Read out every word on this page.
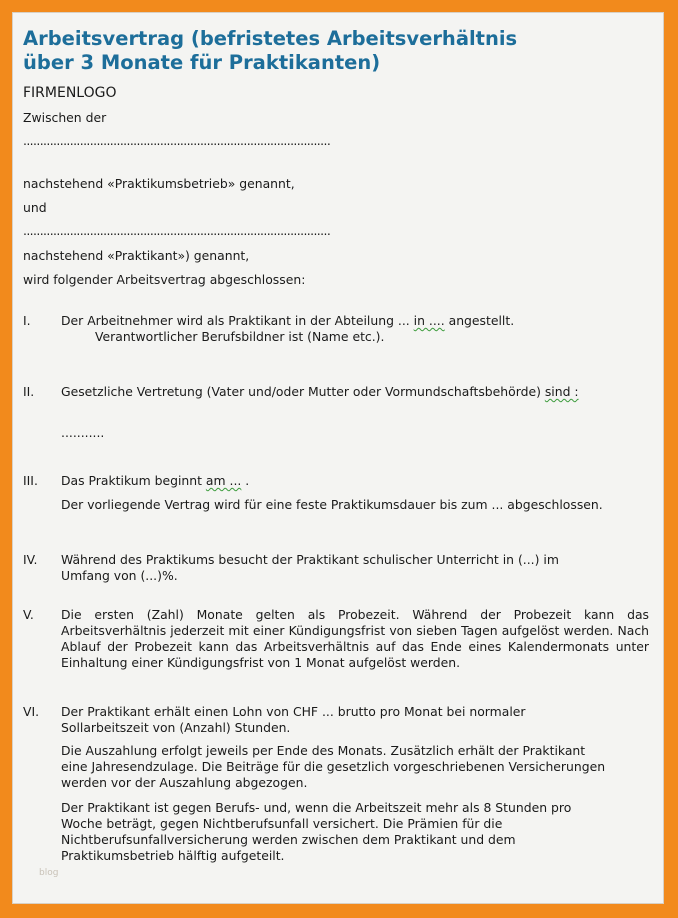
Arbeitsvertrag (befristetes Arbeitsverhältnis
über 3 Monate für Praktikanten)
FIRMENLOGO
Zwischen der
............................................................................................
nachstehend «Praktikumsbetrieb» genannt,
und
............................................................................................
nachstehend «Praktikant») genannt,
wird folgender Arbeitsvertrag abgeschlossen:
I. Der Arbeitnehmer wird als Praktikant in der Abteilung ... in .... angestellt.
Verantwortlicher Berufsbildner ist (Name etc.).
II. Gesetzliche Vertretung (Vater und/oder Mutter oder Vormundschaftsbehörde) sind :
...........
III. Das Praktikum beginnt am ... .
Der vorliegende Vertrag wird für eine feste Praktikumsdauer bis zum ... abgeschlossen.
IV. Während des Praktikums besucht der Praktikant schulischer Unterricht in (...) im
Umfang von (...)%.
V. Die ersten (Zahl) Monate gelten als Probezeit. Während der Probezeit kann das Arbeitsverhältnis jederzeit mit einer Kündigungsfrist von sieben Tagen aufgelöst werden. Nach Ablauf der Probezeit kann das Arbeitsverhältnis auf das Ende eines Kalendermonats unter Einhaltung einer Kündigungsfrist von 1 Monat aufgelöst werden.
VI. Der Praktikant erhält einen Lohn von CHF ... brutto pro Monat bei normaler
Sollarbeitszeit von (Anzahl) Stunden.
Die Auszahlung erfolgt jeweils per Ende des Monats. Zusätzlich erhält der Praktikant
eine Jahresendzulage. Die Beiträge für die gesetzlich vorgeschriebenen Versicherungen
werden vor der Auszahlung abgezogen.
Der Praktikant ist gegen Berufs- und, wenn die Arbeitszeit mehr als 8 Stunden pro
Woche beträgt, gegen Nichtberufsunfall versichert. Die Prämien für die
Nichtberufsunfallversicherung werden zwischen dem Praktikant und dem
Praktikumsbetrieb hälftig aufgeteilt.
blog
